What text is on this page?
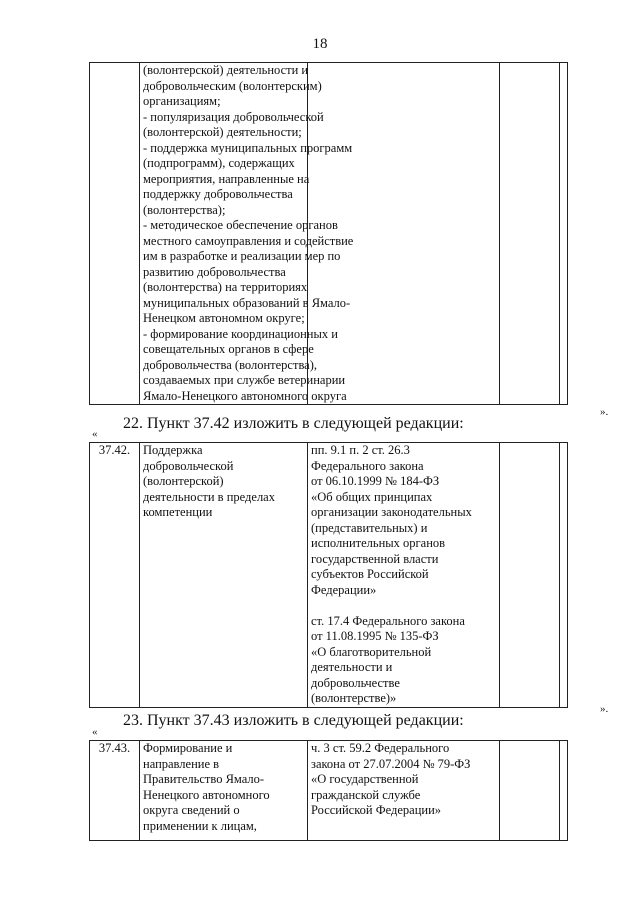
18

(волонтерской) деятельности и
добровольческим (волонтерским)
организациям;
- популяризация добровольческой
(волонтерской) деятельности;
- поддержка муниципальных программ
(подпрограмм), содержащих
мероприятия, направленные на
поддержку добровольчества
(волонтерства);
- методическое обеспечение органов
местного самоуправления и содействие
им в разработке и реализации мер по
развитию добровольчества
(волонтерства) на территориях
муниципальных образований в Ямало-
Ненецком автономном округе;
- формирование координационных и
совещательных органов в сфере
добровольчества (волонтерства),
создаваемых при службе ветеринарии
Ямало-Ненецкого автономного округа

».
22. Пункт 37.42 изложить в следующей редакции:
«
37.42.	Поддержка
добровольческой
(волонтерской)
деятельности в пределах
компетенции

пп. 9.1 п. 2 ст. 26.3
Федерального закона
от 06.10.1999 № 184-ФЗ
«Об общих принципах
организации законодательных
(представительных) и
исполнительных органов
государственной власти
субъектов Российской
Федерации»
ст. 17.4 Федерального закона
от 11.08.1995 № 135-ФЗ
«О благотворительной
деятельности и
добровольчестве
(волонтерстве)»

».
23. Пункт 37.43 изложить в следующей редакции:
«
37.43.	Формирование и
направление в
Правительство Ямало-
Ненецкого автономного
округа сведений о
применении к лицам,

ч. 3 ст. 59.2 Федерального
закона от 27.07.2004 № 79-ФЗ
«О государственной
гражданской службе
Российской Федерации»
